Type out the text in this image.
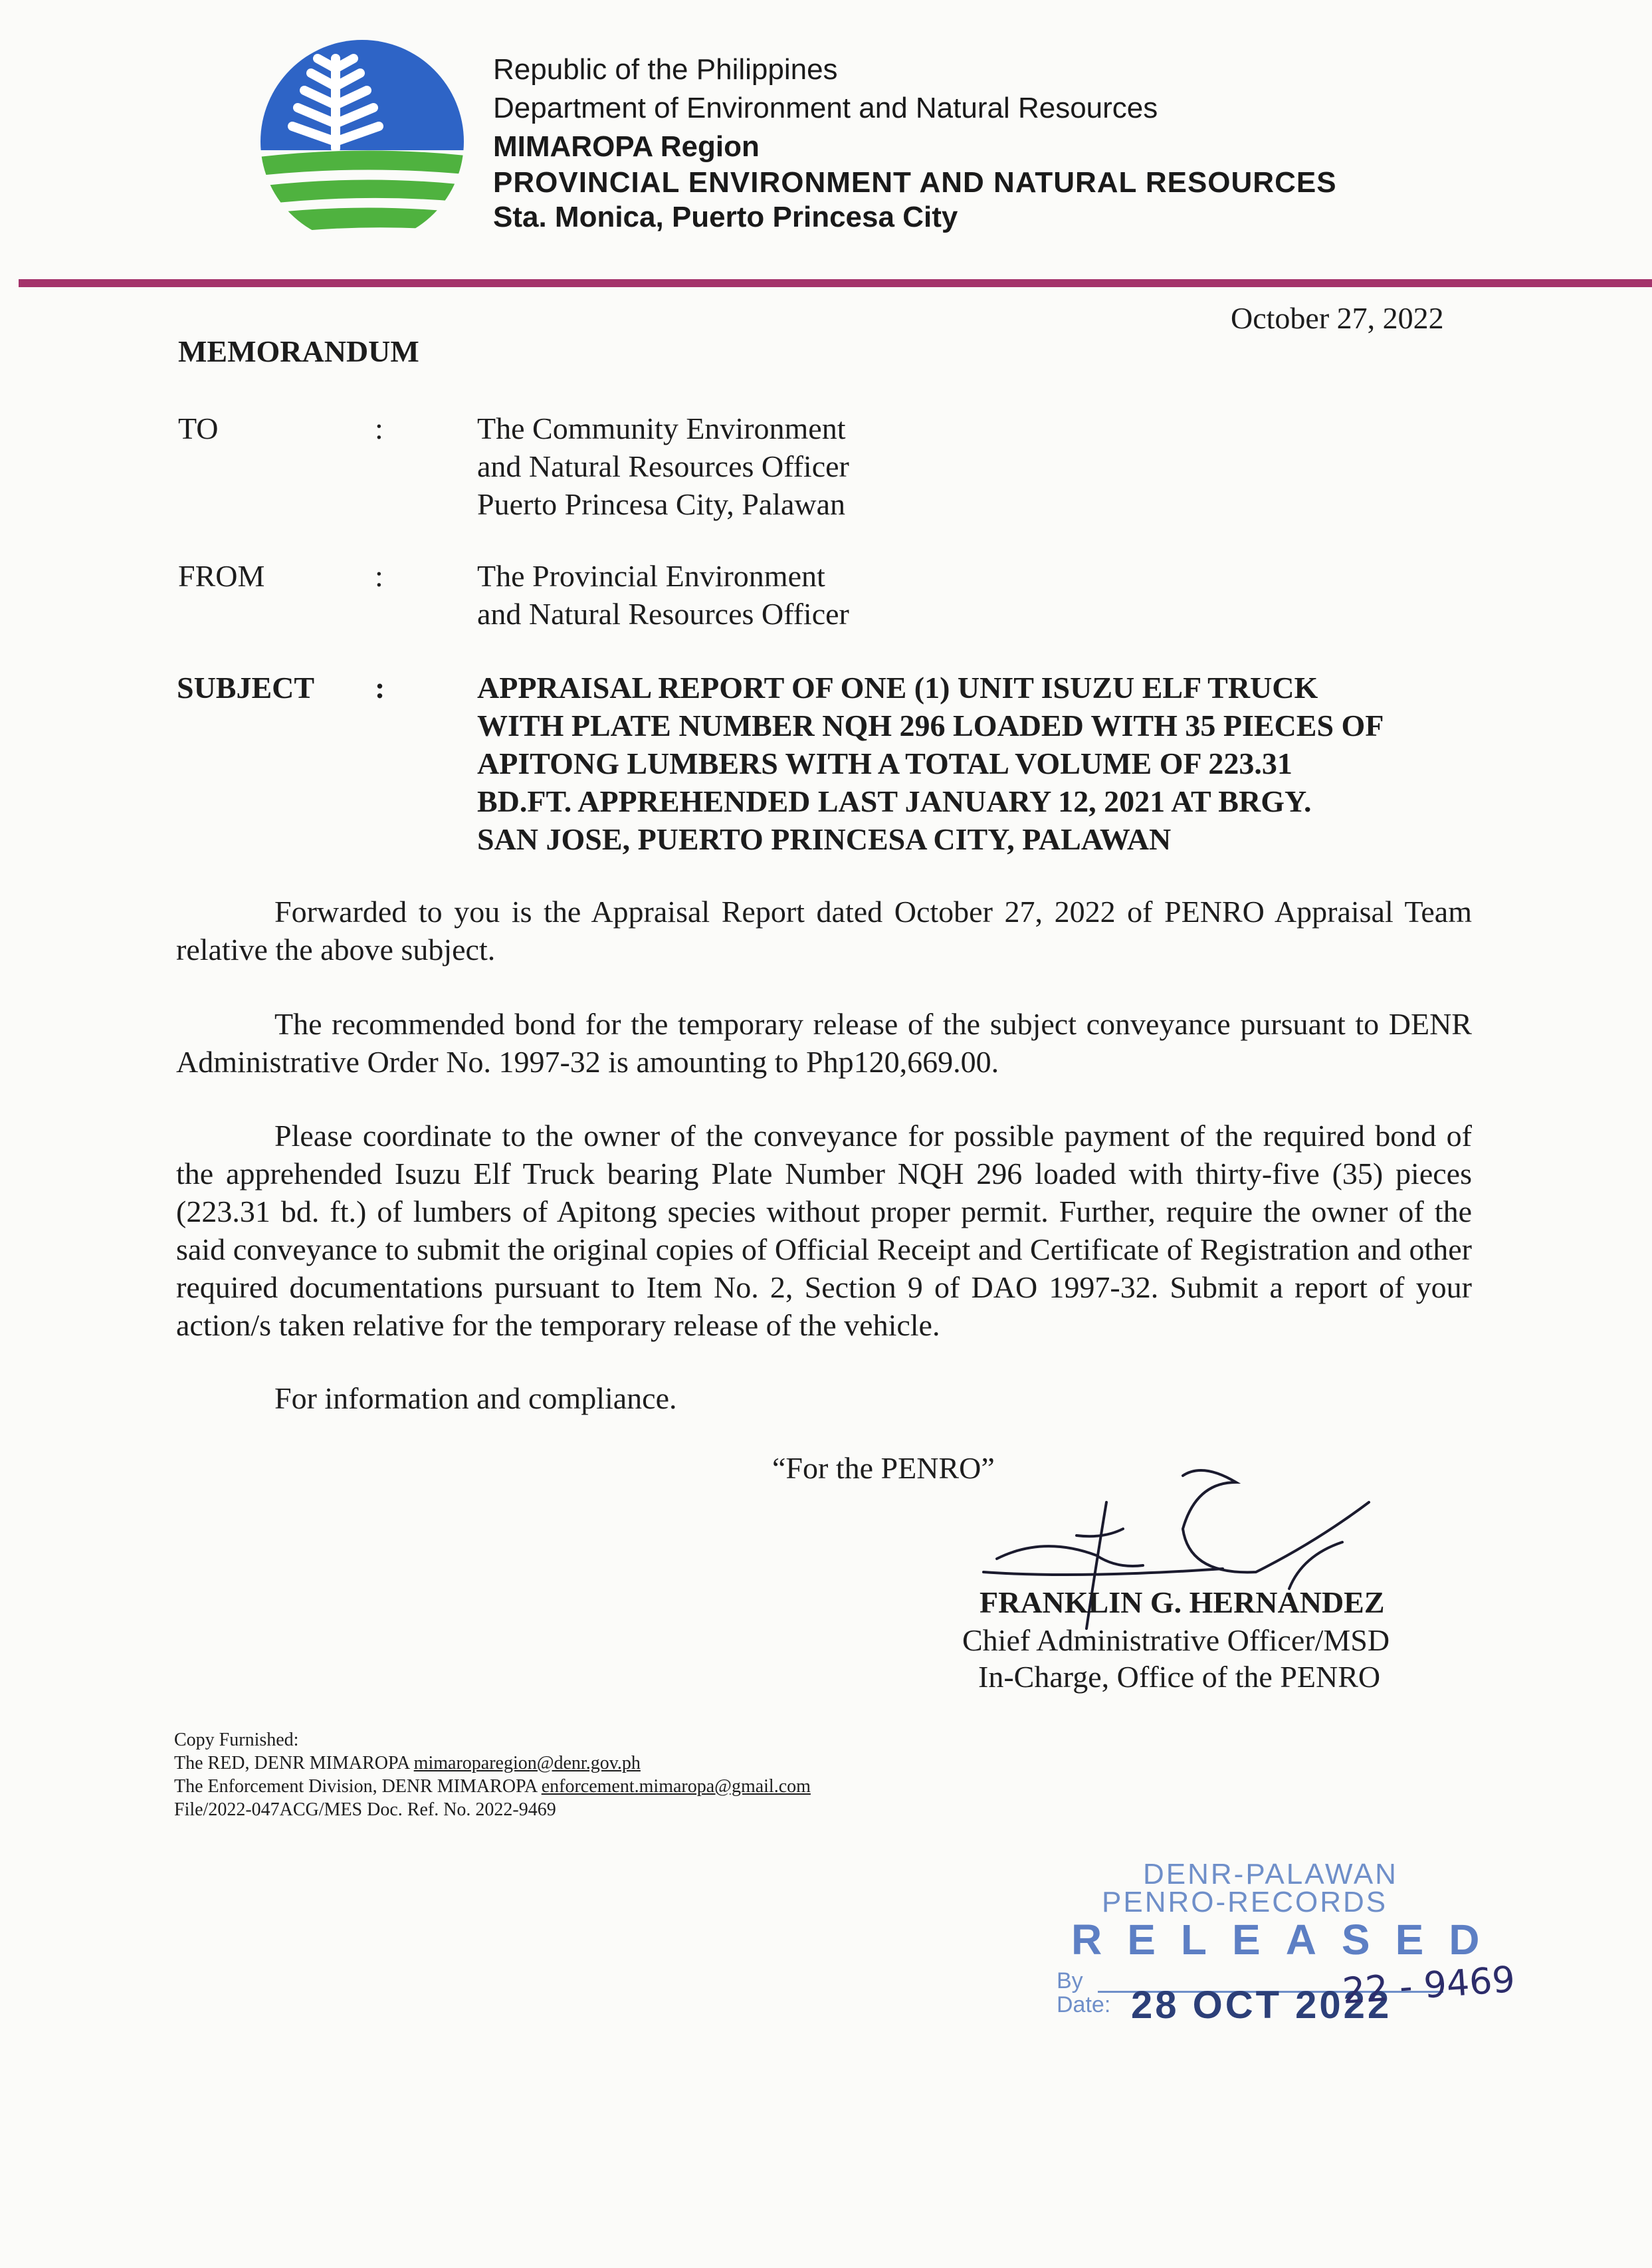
Republic of the Philippines
Department of Environment and Natural Resources
MIMAROPA Region
PROVINCIAL ENVIRONMENT AND NATURAL RESOURCES
Sta. Monica, Puerto Princesa City
October 27, 2022
MEMORANDUM
TO	:	The Community Environment
and Natural Resources Officer
Puerto Princesa City, Palawan
FROM	:	The Provincial Environment
and Natural Resources Officer
SUBJECT :	APPRAISAL REPORT OF ONE (1) UNIT ISUZU ELF TRUCK
WITH PLATE NUMBER NQH 296 LOADED WITH 35 PIECES OF
APITONG LUMBERS WITH A TOTAL VOLUME OF 223.31
BD.FT. APPREHENDED LAST JANUARY 12, 2021 AT BRGY.
SAN JOSE, PUERTO PRINCESA CITY, PALAWAN
Forwarded to you is the Appraisal Report dated October 27, 2022 of PENRO Appraisal Team relative the above subject.
The recommended bond for the temporary release of the subject conveyance pursuant to DENR Administrative Order No. 1997-32 is amounting to Php120,669.00.
Please coordinate to the owner of the conveyance for possible payment of the required bond of the apprehended Isuzu Elf Truck bearing Plate Number NQH 296 loaded with thirty-five (35) pieces (223.31 bd. ft.) of lumbers of Apitong species without proper permit. Further, require the owner of the said conveyance to submit the original copies of Official Receipt and Certificate of Registration and other required documentations pursuant to Item No. 2, Section 9 of DAO 1997-32. Submit a report of your action/s taken relative for the temporary release of the vehicle.
For information and compliance.
“For the PENRO”
FRANKLIN G. HERNANDEZ
Chief Administrative Officer/MSD
In-Charge, Office of the PENRO
Copy Furnished:
The RED, DENR MIMAROPA mimaroparegion@denr.gov.ph
The Enforcement Division, DENR MIMAROPA enforcement.mimaropa@gmail.com
File/2022-047ACG/MES Doc. Ref. No. 2022-9469
DENR-PALAWAN
PENRO-RECORDS
RELEASED
By
Date: 28 OCT 2022
22 - 9469
